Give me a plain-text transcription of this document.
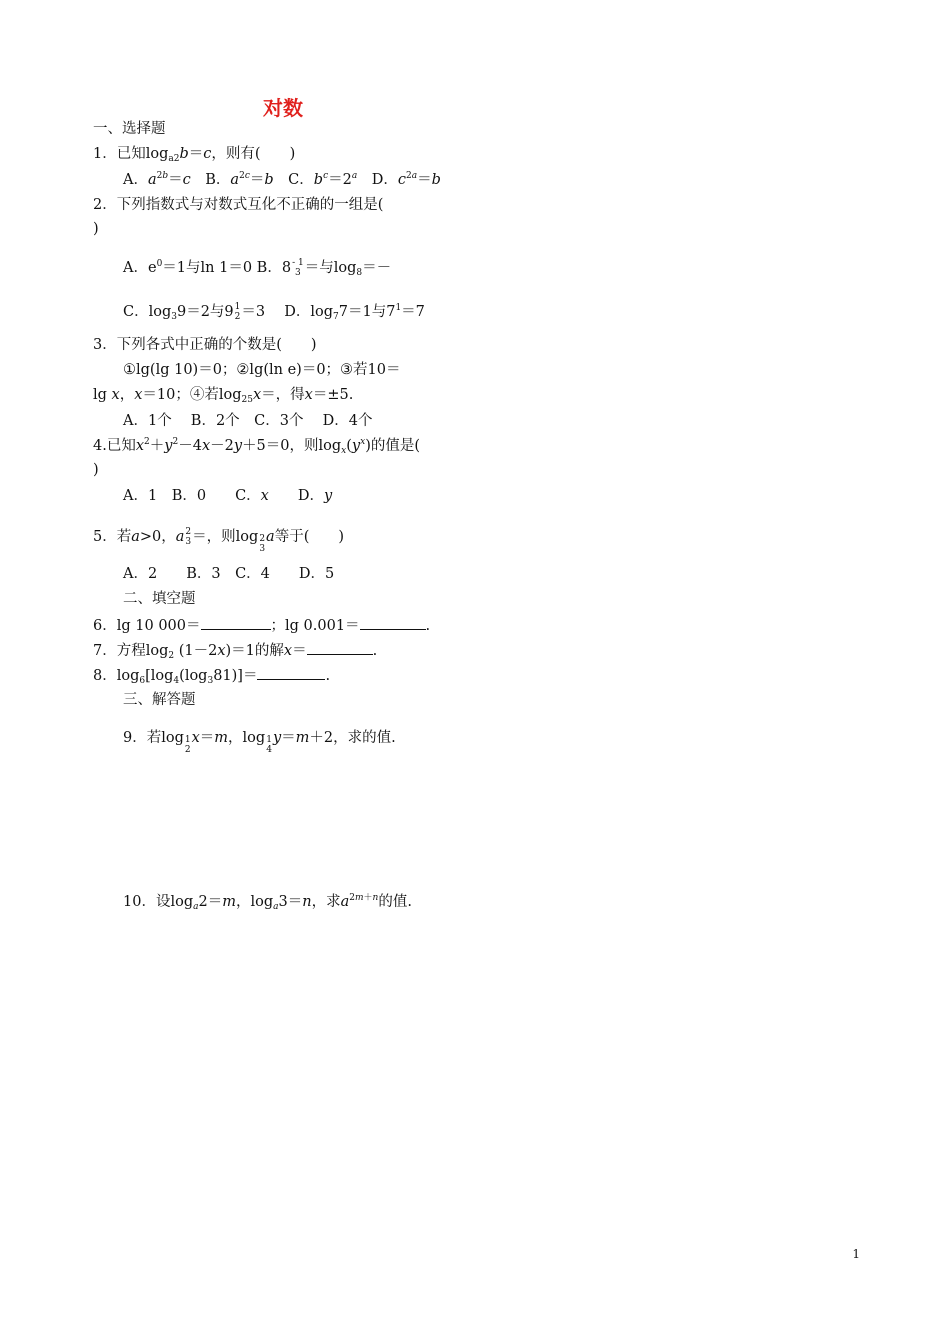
对数
一、选择题
1．已知$\log_{a2}b=c$，则有(　　)
A．$a^{2b}=c$　B．$a^{2c}=b$　C．$b^c=2^a$　D．$c^{2a}=b$
2．下列指数式与对数式互化不正确的一组是(
)
A．$e^0=1$与ln 1＝0 B．8 - 1
3 ＝与$\log_8=-$
C．$\log_39=2$与9 1
2 ＝3　 D．$\log_77=1$与$7^1=7$
3．下列各式中正确的个数是(　　)
①lg(lg 10)＝0；②lg(ln e)＝0；③若10＝
lg x，x＝10；④若$\log_{25}x=$，得x＝±5.
A．1个　 B．2个　C．3个　 D．4个
4.已知$x^2+y^2-4x-2y+5=0$，则$\log_x(y^x)$的值是(
)
A．1　B．0　　C．x　　D．y
5．若a>0，a 2
3 ＝，则log 2
3
a等于(　　)
A．2　　B．3　C．4　　D．5
二、填空题
6．lg 10 000＝	；lg 0.001＝	.
7．方程$\log_2 (1-2x)=1$的解x＝	.
8．$\log_6[\log_4(\log_381)]=$	.
三、解答题
9．若log 1
2
x＝m，log 1
4
y＝m＋2，求的值.
10．设$\log_a2=m$，$\log_a3=n$，求$a^{2m+n}$的值.
1
